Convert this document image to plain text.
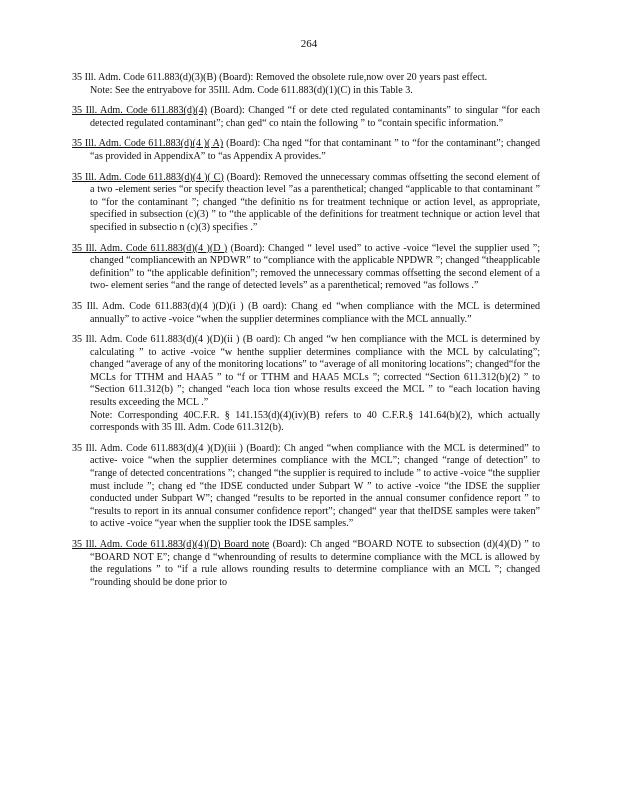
264

35 Ill. Adm. Code 611.883(d)(3)(B) (Board): Removed the obsolete rule,now over 20 years past effect.

Note: See the entryabove for 35Ill. Adm. Code 611.883(d)(1)(C) in this Table 3.

35 Ill. Adm. Code 611.883(d)(4) (Board): Changed “f or dete cted regulated contaminants” to singular “for each detected regulated contaminant”; chan ged“ co ntain the following ” to “contain specific information.”

35 Ill. Adm. Code 611.883(d)(4 )( A) (Board): Cha nged “for that contaminant ” to “for the contaminant”; changed “as provided in AppendixA” to “as Appendix A provides.”

35 Ill. Adm. Code 611.883(d)(4 )( C) (Board): Removed the unnecessary commas offsetting the second element of a two -element series “or specify theaction level ”as a parenthetical; changed “applicable to that contaminant ” to “for the contaminant ”; changed “the definitio ns for treatment technique or action level, as appropriate, specified in subsection (c)(3) ” to “the applicable of the definitions for treatment technique or action level that specified in subsectio n (c)(3) specifies .”

35 Ill. Adm. Code 611.883(d)(4 )(D ) (Board): Changed “ level used” to active -voice “level the supplier used ”; changed “compliancewith an NPDWR” to “compliance with the applicable NPDWR ”; changed “theapplicable definition” to “the applicable definition”; removed the unnecessary commas offsetting the second element of a two- element series “and the range of detected levels” as a parenthetical; removed “as follows .”

35 Ill. Adm. Code 611.883(d)(4 )(D)(i ) (B oard): Chang ed “when compliance with the MCL is determined annually” to active -voice “when the supplier determines compliance with the MCL annually.”

35 Ill. Adm. Code 611.883(d)(4 )(D)(ii ) (B oard): Ch anged “w hen compliance with the MCL is determined by calculating ” to active -voice “w henthe supplier determines compliance with the MCL by calculating”; changed “average of any of the monitoring locations” to “average of all monitoring locations”; changed“for the MCLs for TTHM and HAA5 ” to “f or TTHM and HAA5 MCLs ”; corrected “Section 611.312(b)(2) ” to “Section 611.312(b) ”; changed “each loca tion whose results exceed the MCL ” to “each location having results exceeding the MCL .”

Note: Corresponding 40C.F.R. § 141.153(d)(4)(iv)(B) refers to 40 C.F.R.§ 141.64(b)(2), which actually corresponds with 35 Ill. Adm. Code 611.312(b).

35 Ill. Adm. Code 611.883(d)(4 )(D)(iii ) (Board): Ch anged “when compliance with the MCL is determined” to active- voice “when the supplier determines compliance with the MCL”; changed “range of detection” to “range of detected concentrations ”; changed “the supplier is required to include ” to active -voice “the supplier must include ”; chang ed “the IDSE conducted under Subpart W ” to active -voice “the IDSE the supplier conducted under Subpart W”; changed “results to be reported in the annual consumer confidence report ” to “results to report in its annual consumer confidence report”; changed“ year that theIDSE samples were taken” to active -voice “year when the supplier took the IDSE samples.”

35 Ill. Adm. Code 611.883(d)(4)(D) Board note (Board): Ch anged “BOARD NOTE to subsection (d)(4)(D) ” to “BOARD NOT E”; change d “whenrounding of results to determine compliance with the MCL is allowed by the regulations ” to “if a rule allows rounding results to determine compliance with an MCL ”; changed “rounding should be done prior to
